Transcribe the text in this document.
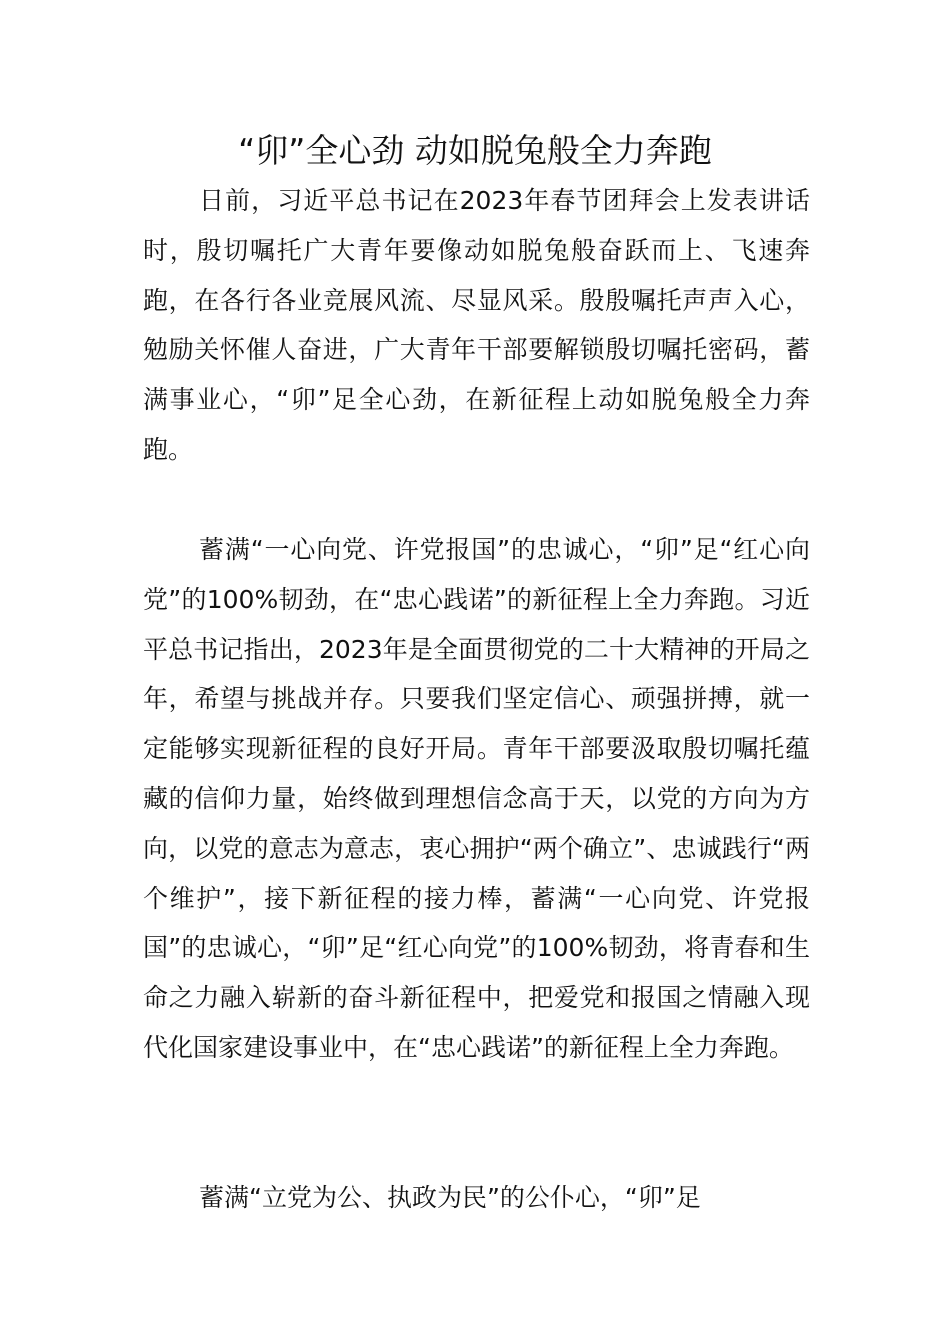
“卯”全心劲 动如脱兔般全力奔跑

日前，习近平总书记在2023年春节团拜会上发表讲话时，殷切嘱托广大青年要像动如脱兔般奋跃而上、飞速奔跑，在各行各业竞展风流、尽显风采。殷殷嘱托声声入心，勉励关怀催人奋进，广大青年干部要解锁殷切嘱托密码，蓄满事业心，“卯”足全心劲，在新征程上动如脱兔般全力奔跑。

蓄满“一心向党、许党报国”的忠诚心，“卯”足“红心向党”的100%韧劲，在“忠心践诺”的新征程上全力奔跑。习近平总书记指出，2023年是全面贯彻党的二十大精神的开局之年，希望与挑战并存。只要我们坚定信心、顽强拼搏，就一定能够实现新征程的良好开局。青年干部要汲取殷切嘱托蕴藏的信仰力量，始终做到理想信念高于天，以党的方向为方向，以党的意志为意志，衷心拥护“两个确立”、忠诚践行“两个维护”，接下新征程的接力棒，蓄满“一心向党、许党报国”的忠诚心，“卯”足“红心向党”的100%韧劲，将青春和生命之力融入崭新的奋斗新征程中，把爱党和报国之情融入现代化国家建设事业中，在“忠心践诺”的新征程上全力奔跑。

蓄满“立党为公、执政为民”的公仆心，“卯”足
